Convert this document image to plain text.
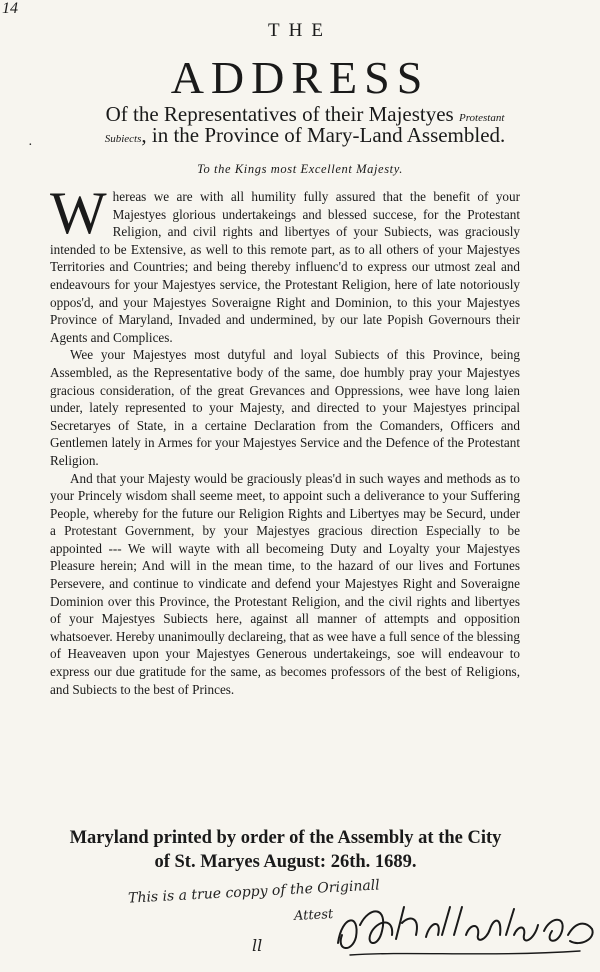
14
THE
ADDRESS
Of the Representatives of their Majestyes Protestant
·	Subiects, in the Province of Mary-Land Assembled.
To the Kings most Excellent Majesty.

Whereas we are with all humility fully assured that the benefit of your Majestyes glorious undertakeings and blessed succese, for the Protestant Religion, and civil rights and libertyes of your Subiects, was graciously intended to be Extensive, as well to this remote part, as to all others of your Majestyes Territories and Countries; and being thereby influenc'd to express our utmost zeal and endeavours for your Majestyes service, the Protestant Religion, here of late notoriously oppos'd, and your Majestyes Soveraigne Right and Dominion, to this your Majestyes Province of Maryland, Invaded and undermined, by our late Popish Governours their Agents and Complices.

Wee your Majestyes most dutyful and loyal Subiects of this Province, being Assembled, as the Representative body of the same, doe humbly pray your Majestyes gracious consideration, of the great Grevances and Oppressions, wee have long laien under, lately represented to your Majesty, and directed to your Majestyes principal Secretaryes of State, in a certaine Declaration from the Comanders, Officers and Gentlemen lately in Armes for your Majestyes Service and the Defence of the Protestant Religion.

And that your Majesty would be graciously pleas'd in such wayes and methods as to your Princely wisdom shall seeme meet, to appoint such a deliverance to your Suffering People, whereby for the future our Religion Rights and Libertyes may be Securd, under a Protestant Government, by your Majestyes gracious direction Especially to be appointed --- We will wayte with all becomeing Duty and Loyalty your Majestyes Pleasure herein; And will in the mean time, to the hazard of our lives and Fortunes Persevere, and continue to vindicate and defend your Majestyes Right and Soveraigne Dominion over this Province, the Protestant Religion, and the civil rights and libertyes of your Majestyes Subiects here, against all manner of attempts and opposition whatsoever. Hereby unanimoully declareing, that as wee have a full sence of the blessing of Heaveaven upon your Majestyes Generous undertakeings, soe will endeavour to express our due gratitude for the same, as becomes professors of the best of Religions, and Subiects to the best of Princes.

Maryland printed by order of the Assembly at the City
of St. Maryes August: 26th. 1689.
This is a true coppy of the Originall
Attest
ll
